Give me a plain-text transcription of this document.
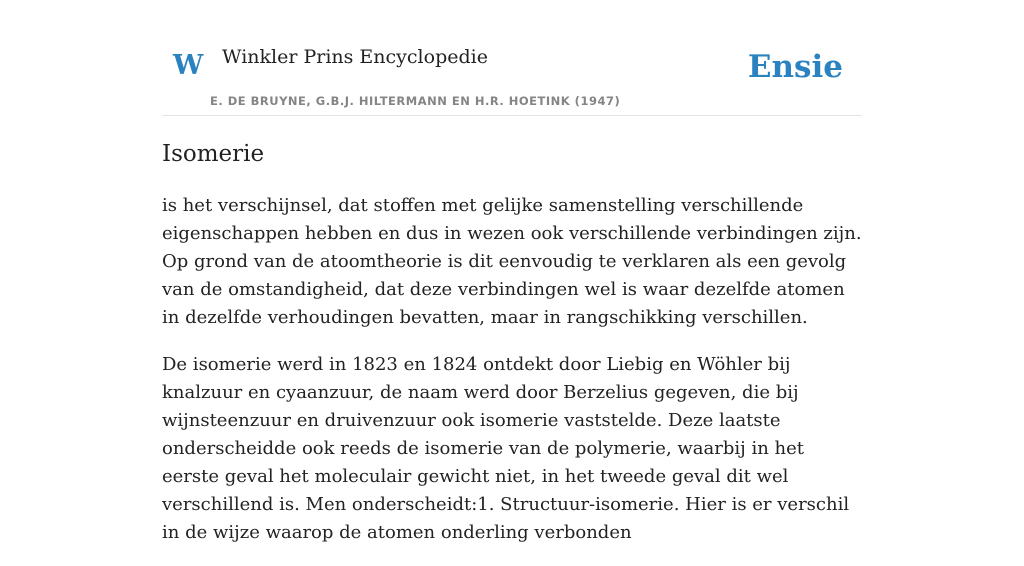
W Winkler Prins Encyclopedie
E. DE BRUYNE, G.B.J. HILTERMANN EN H.R. HOETINK (1947)
Ensie
Isomerie

is het verschijnsel, dat stoffen met gelijke samenstelling verschillende eigenschappen hebben en dus in wezen ook verschillende verbindingen zijn. Op grond van de atoomtheorie is dit eenvoudig te verklaren als een gevolg van de omstandigheid, dat deze verbindingen wel is waar dezelfde atomen in dezelfde verhoudingen bevatten, maar in rangschikking verschillen.

De isomerie werd in 1823 en 1824 ontdekt door Liebig en Wöhler bij knalzuur en cyaanzuur, de naam werd door Berzelius gegeven, die bij wijnsteenzuur en druivenzuur ook isomerie vaststelde. Deze laatste onderscheidde ook reeds de isomerie van de polymerie, waarbij in het eerste geval het moleculair gewicht niet, in het tweede geval dit wel verschillend is. Men onderscheidt:1. Structuur-isomerie. Hier is er verschil in de wijze waarop de atomen onderling verbonden
